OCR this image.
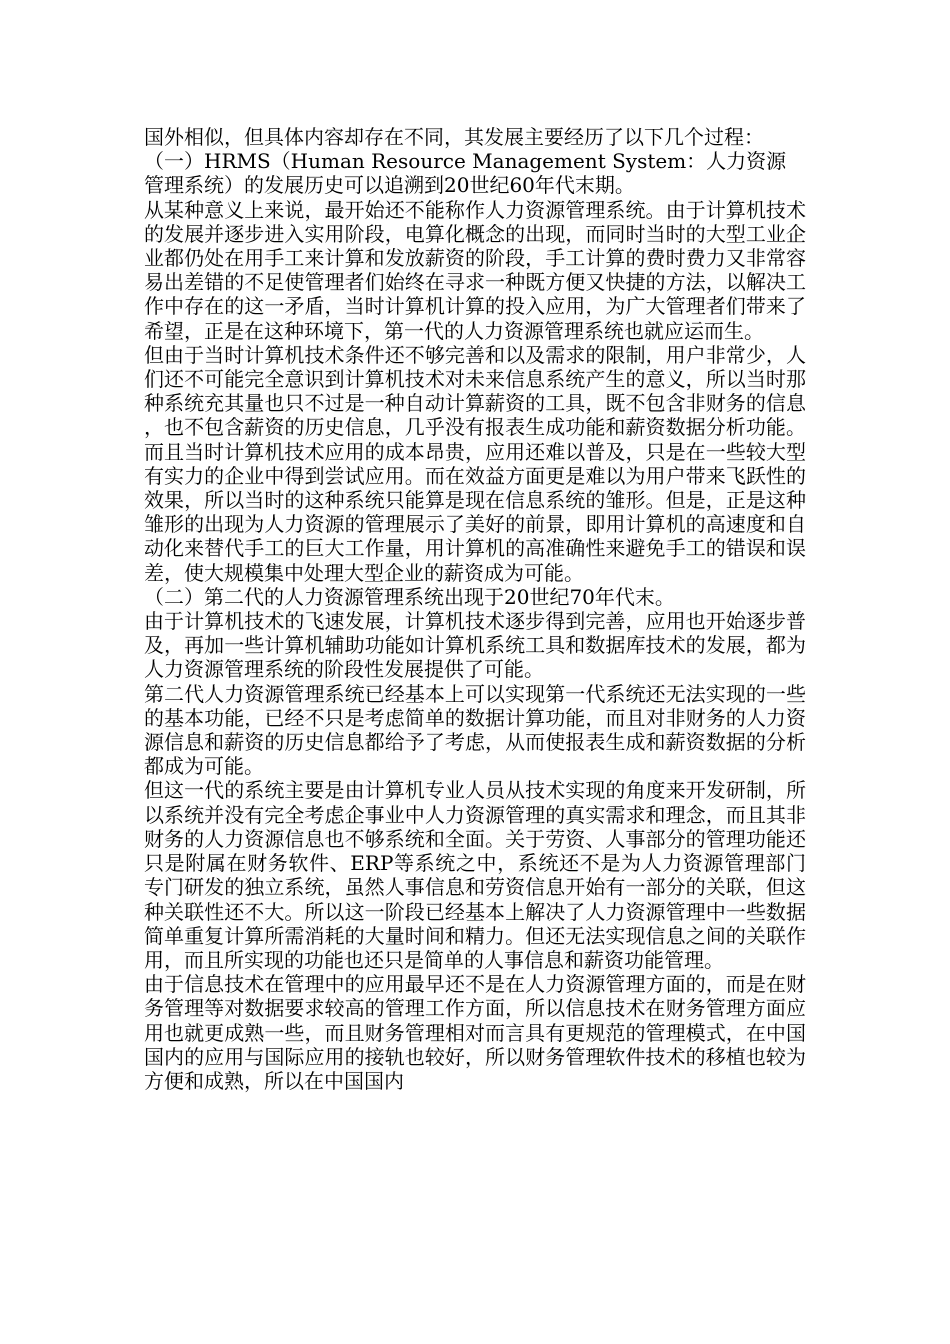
国外相似，但具体内容却存在不同，其发展主要经历了以下几个过程：

（一）HRMS（Human Resource Management System：人力资源管理系统）的发展历史可以追溯到20世纪60年代末期。

从某种意义上来说，最开始还不能称作人力资源管理系统。由于计算机技术的发展并逐步进入实用阶段，电算化概念的出现，而同时当时的大型工业企业都仍处在用手工来计算和发放薪资的阶段，手工计算的费时费力又非常容易出差错的不足使管理者们始终在寻求一种既方便又快捷的方法，以解决工作中存在的这一矛盾，当时计算机计算的投入应用，为广大管理者们带来了希望，正是在这种环境下，第一代的人力资源管理系统也就应运而生。

但由于当时计算机技术条件还不够完善和以及需求的限制，用户非常少，人们还不可能完全意识到计算机技术对未来信息系统产生的意义，所以当时那种系统充其量也只不过是一种自动计算薪资的工具，既不包含非财务的信息，也不包含薪资的历史信息，几乎没有报表生成功能和薪资数据分析功能。而且当时计算机技术应用的成本昂贵，应用还难以普及，只是在一些较大型有实力的企业中得到尝试应用。而在效益方面更是难以为用户带来飞跃性的效果，所以当时的这种系统只能算是现在信息系统的雏形。但是，正是这种雏形的出现为人力资源的管理展示了美好的前景，即用计算机的高速度和自动化来替代手工的巨大工作量，用计算机的高准确性来避免手工的错误和误差，使大规模集中处理大型企业的薪资成为可能。

（二）第二代的人力资源管理系统出现于20世纪70年代末。

由于计算机技术的飞速发展，计算机技术逐步得到完善，应用也开始逐步普及，再加一些计算机辅助功能如计算机系统工具和数据库技术的发展，都为人力资源管理系统的阶段性发展提供了可能。

第二代人力资源管理系统已经基本上可以实现第一代系统还无法实现的一些的基本功能，已经不只是考虑简单的数据计算功能，而且对非财务的人力资源信息和薪资的历史信息都给予了考虑，从而使报表生成和薪资数据的分析都成为可能。

但这一代的系统主要是由计算机专业人员从技术实现的角度来开发研制，所以系统并没有完全考虑企事业中人力资源管理的真实需求和理念，而且其非财务的人力资源信息也不够系统和全面。关于劳资、人事部分的管理功能还只是附属在财务软件、ERP等系统之中，系统还不是为人力资源管理部门专门研发的独立系统，虽然人事信息和劳资信息开始有一部分的关联，但这种关联性还不大。所以这一阶段已经基本上解决了人力资源管理中一些数据简单重复计算所需消耗的大量时间和精力。但还无法实现信息之间的关联作用，而且所实现的功能也还只是简单的人事信息和薪资功能管理。

由于信息技术在管理中的应用最早还不是在人力资源管理方面的，而是在财务管理等对数据要求较高的管理工作方面，所以信息技术在财务管理方面应用也就更成熟一些，而且财务管理相对而言具有更规范的管理模式，在中国国内的应用与国际应用的接轨也较好，所以财务管理软件技术的移植也较为方便和成熟，所以在中国国内
